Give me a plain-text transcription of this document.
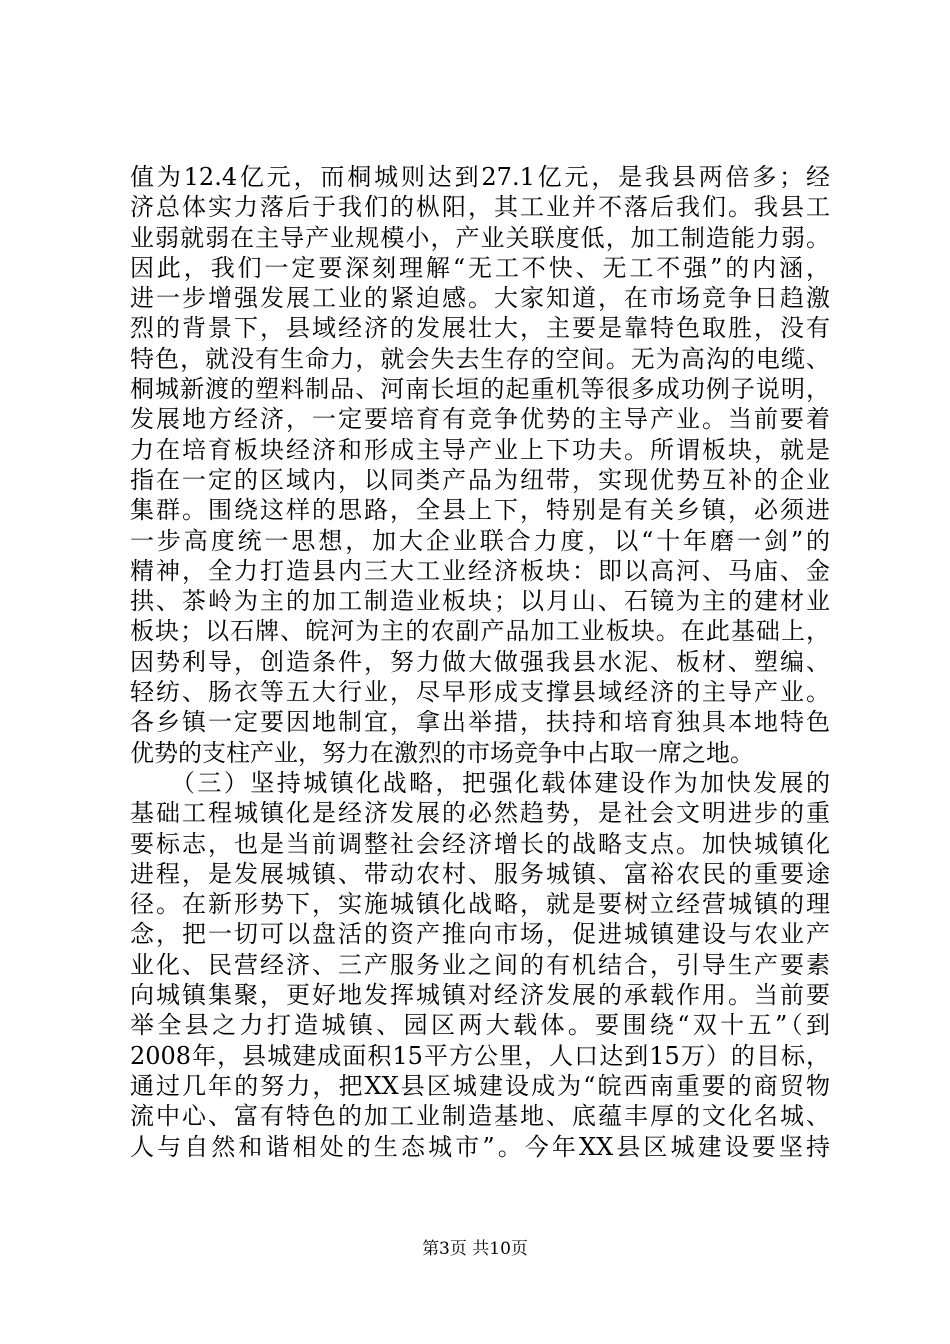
值为12.4亿元，而桐城则达到27.1亿元，是我县两倍多；经
济总体实力落后于我们的枞阳，其工业并不落后我们。我县工
业弱就弱在主导产业规模小，产业关联度低，加工制造能力弱。
因此，我们一定要深刻理解“无工不快、无工不强”的内涵，
进一步增强发展工业的紧迫感。大家知道，在市场竞争日趋激
烈的背景下，县域经济的发展壮大，主要是靠特色取胜，没有
特色，就没有生命力，就会失去生存的空间。无为高沟的电缆、
桐城新渡的塑料制品、河南长垣的起重机等很多成功例子说明，
发展地方经济，一定要培育有竞争优势的主导产业。当前要着
力在培育板块经济和形成主导产业上下功夫。所谓板块，就是
指在一定的区域内，以同类产品为纽带，实现优势互补的企业
集群。围绕这样的思路，全县上下，特别是有关乡镇，必须进
一步高度统一思想，加大企业联合力度，以“十年磨一剑”的
精神，全力打造县内三大工业经济板块：即以高河、马庙、金
拱、茶岭为主的加工制造业板块；以月山、石镜为主的建材业
板块；以石牌、皖河为主的农副产品加工业板块。在此基础上，
因势利导，创造条件，努力做大做强我县水泥、板材、塑编、
轻纺、肠衣等五大行业，尽早形成支撑县域经济的主导产业。
各乡镇一定要因地制宜，拿出举措，扶持和培育独具本地特色
优势的支柱产业，努力在激烈的市场竞争中占取一席之地。
　　（三）坚持城镇化战略，把强化载体建设作为加快发展的
基础工程城镇化是经济发展的必然趋势，是社会文明进步的重
要标志，也是当前调整社会经济增长的战略支点。加快城镇化
进程，是发展城镇、带动农村、服务城镇、富裕农民的重要途
径。在新形势下，实施城镇化战略，就是要树立经营城镇的理
念，把一切可以盘活的资产推向市场，促进城镇建设与农业产
业化、民营经济、三产服务业之间的有机结合，引导生产要素
向城镇集聚，更好地发挥城镇对经济发展的承载作用。当前要
举全县之力打造城镇、园区两大载体。要围绕“双十五”（到
2008年，县城建成面积15平方公里，人口达到15万）的目标，
通过几年的努力，把XX县区城建设成为“皖西南重要的商贸物
流中心、富有特色的加工业制造基地、底蕴丰厚的文化名城、
人与自然和谐相处的生态城市”。今年XX县区城建设要坚持
第3页 共10页
